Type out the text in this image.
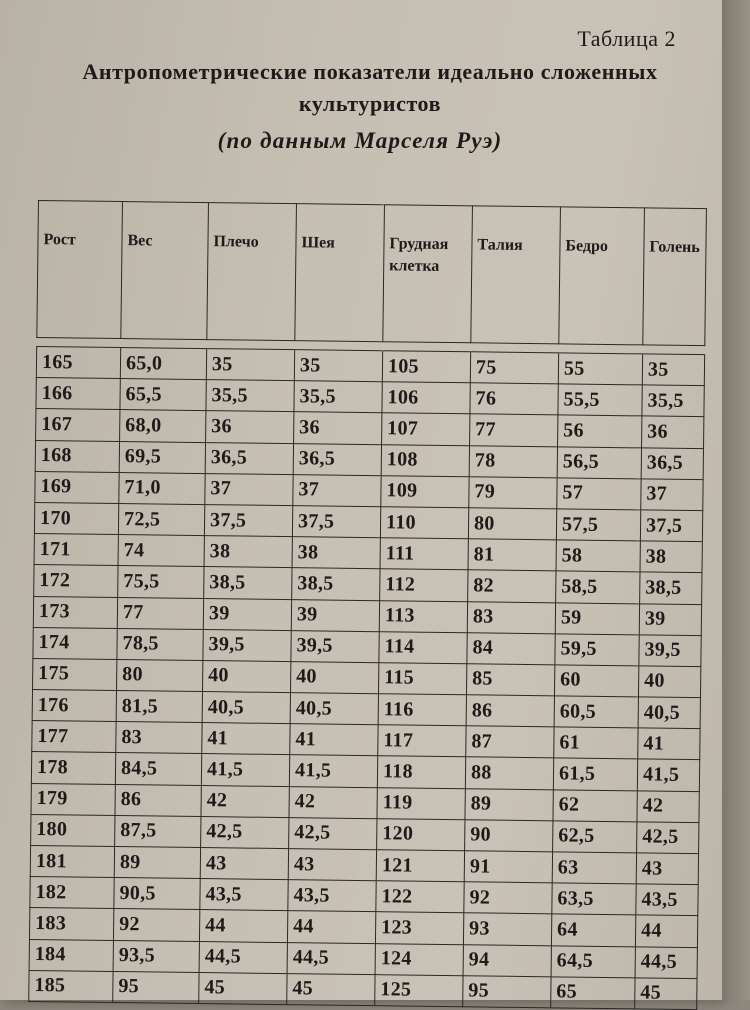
Таблица 2
Антропометрические показатели идеально сложенных
культуристов
(по данным Марселя Руэ)
Рост	Вес	Плечо	Шея	Грудная клетка	Талия	Бедро	Голень

165	65,0	35	35	105	75	55	35
166	65,5	35,5	35,5	106	76	55,5	35,5
167	68,0	36	36	107	77	56	36
168	69,5	36,5	36,5	108	78	56,5	36,5
169	71,0	37	37	109	79	57	37
170	72,5	37,5	37,5	110	80	57,5	37,5
171	74	38	38	111	81	58	38
172	75,5	38,5	38,5	112	82	58,5	38,5
173	77	39	39	113	83	59	39
174	78,5	39,5	39,5	114	84	59,5	39,5
175	80	40	40	115	85	60	40
176	81,5	40,5	40,5	116	86	60,5	40,5
177	83	41	41	117	87	61	41
178	84,5	41,5	41,5	118	88	61,5	41,5
179	86	42	42	119	89	62	42
180	87,5	42,5	42,5	120	90	62,5	42,5
181	89	43	43	121	91	63	43
182	90,5	43,5	43,5	122	92	63,5	43,5
183	92	44	44	123	93	64	44
184	93,5	44,5	44,5	124	94	64,5	44,5
185	95	45	45	125	95	65	45
